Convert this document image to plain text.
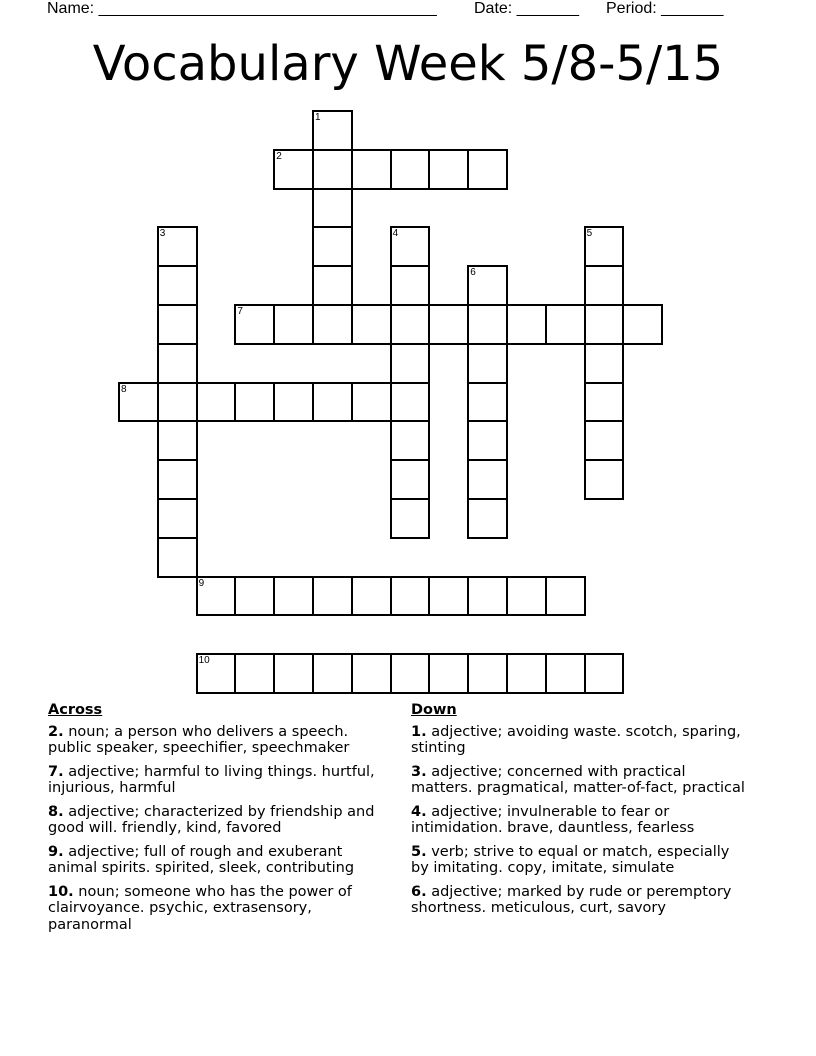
Name: ______________________________________ Date: _______ Period: _______
Vocabulary Week 5/8-5/15
1
2
3	4	5
6
7
8
9
10
Across
2. noun; a person who delivers a speech. public speaker, speechifier, speechmaker
7. adjective; harmful to living things. hurtful, injurious, harmful
8. adjective; characterized by friendship and good will. friendly, kind, favored
9. adjective; full of rough and exuberant animal spirits. spirited, sleek, contributing
10. noun; someone who has the power of clairvoyance. psychic, extrasensory, paranormal
Down
1. adjective; avoiding waste. scotch, sparing, stinting
3. adjective; concerned with practical matters. pragmatical, matter-of-fact, practical
4. adjective; invulnerable to fear or intimidation. brave, dauntless, fearless
5. verb; strive to equal or match, especially by imitating. copy, imitate, simulate
6. adjective; marked by rude or peremptory shortness. meticulous, curt, savory
